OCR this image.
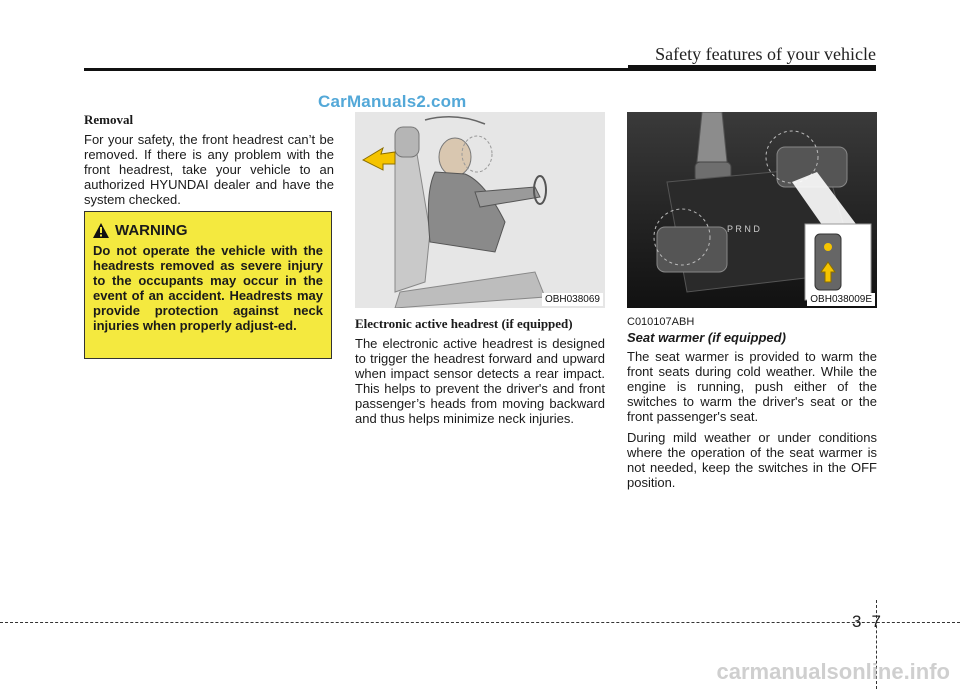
Safety features of your vehicle
CarManuals2.com

Removal

For your safety, the front headrest can’t be removed. If there is any problem with the front headrest, take your vehicle to an authorized HYUNDAI dealer and have the system checked.

WARNING

Do not operate the vehicle with the headrests removed as severe injury to the occupants may occur in the event of an accident. Headrests may provide protection against neck injuries when properly adjust-ed.

OBH038069

Electronic active headrest (if equipped)

The electronic active headrest is designed to trigger the headrest forward and upward when impact sensor detects a rear impact. This helps to prevent the driver's and front passenger’s heads from moving backward and thus helps minimize neck injuries.

P R N D
OBH038009E

C010107ABH

Seat warmer (if equipped)

The seat warmer is provided to warm the front seats during cold weather. While the engine is running, push either of the switches to warm the driver's seat or the front passenger's seat.

During mild weather or under conditions where the operation of the seat warmer is not needed, keep the switches in the OFF position.

37
carmanualsonline.info
